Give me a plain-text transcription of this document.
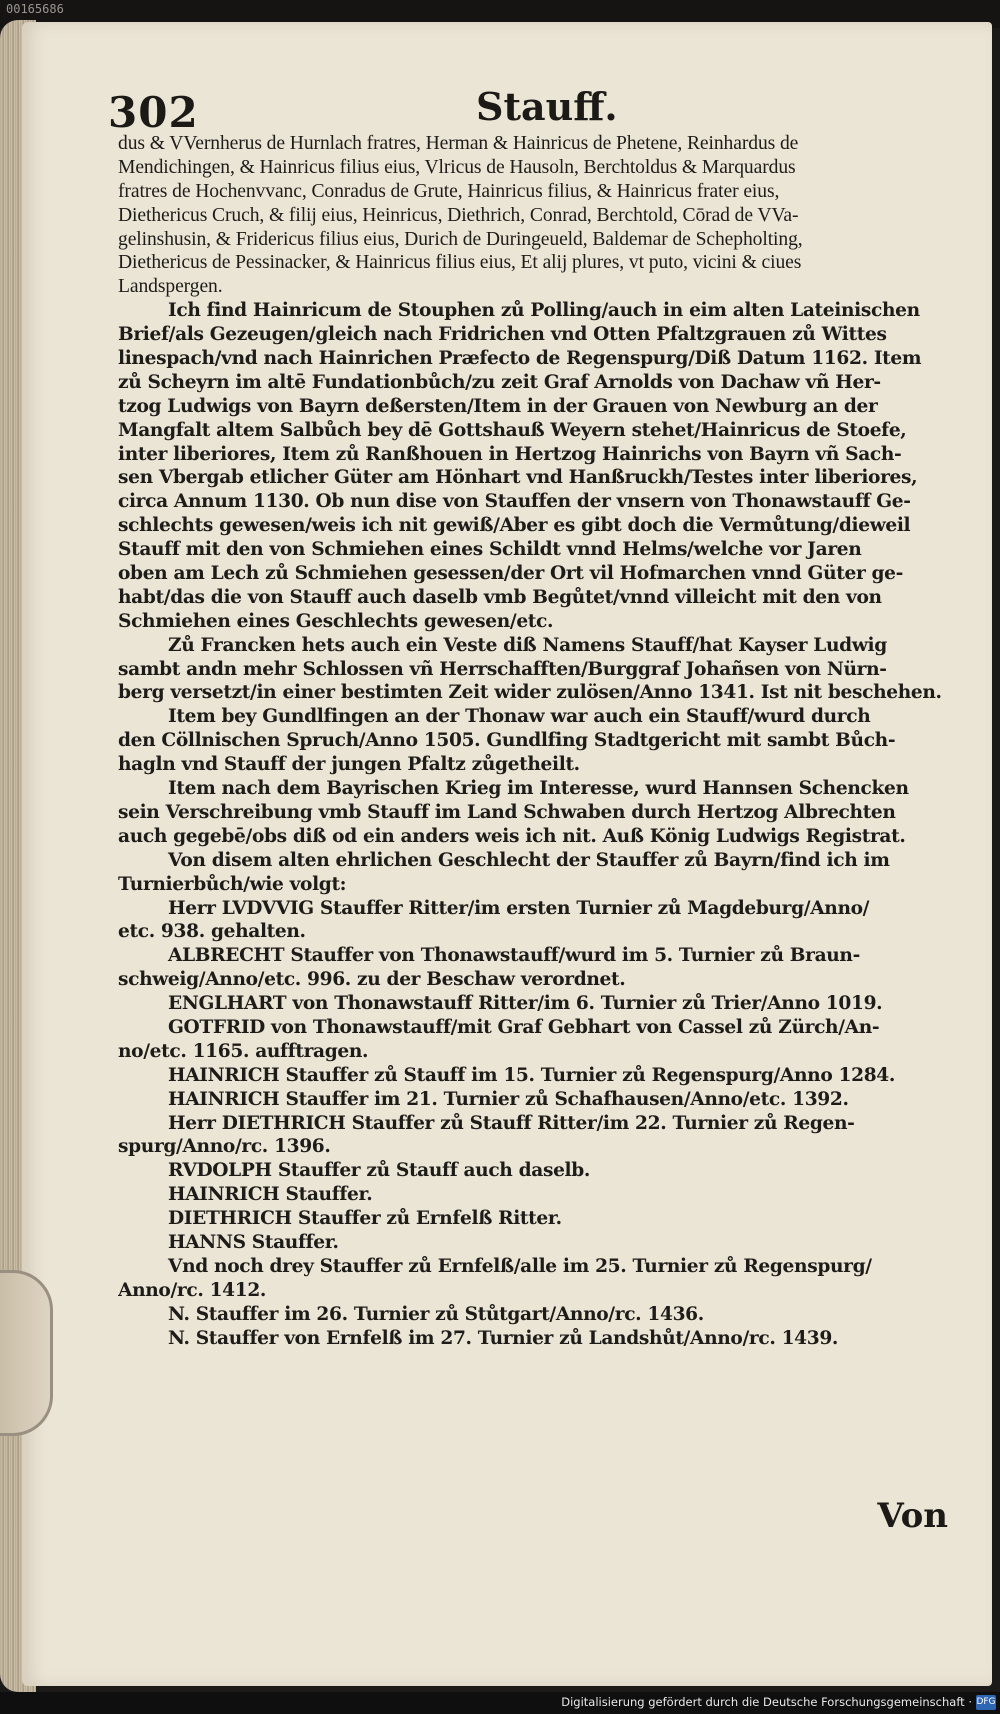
00165686
302	Stauff.
dus & VVernherus de Hurnlach fratres, Herman & Hainricus de Phetene, Reinhardus de
Mendichingen, & Hainricus filius eius, Vlricus de Hausoln, Berchtoldus & Marquardus
fratres de Hochenvvanc, Conradus de Grute, Hainricus filius, & Hainricus frater eius,
Diethericus Cruch, & filij eius, Heinricus, Diethrich, Conrad, Berchtold, Cōrad de VVa-
gelinshusin, & Fridericus filius eius, Durich de Duringeueld, Baldemar de Schepholting,
Diethericus de Pessinacker, & Hainricus filius eius, Et alij plures, vt puto, vicini & ciues
Landspergen.
Ich find Hainricum de Stouphen zů Polling/auch in eim alten Lateinischen
Brief/als Gezeugen/gleich nach Fridrichen vnd Otten Pfaltzgrauen zů Wittes
linespach/vnd nach Hainrichen Præfecto de Regenspurg/Diß Datum 1162. Item
zů Scheyrn im altē Fundationbůch/zu zeit Graf Arnolds von Dachaw vñ Her-
tzog Ludwigs von Bayrn deßersten/Item in der Grauen von Newburg an der
Mangfalt altem Salbůch bey dē Gottshauß Weyern stehet/Hainricus de Stoefe,
inter liberiores, Item zů Ranßhouen in Hertzog Hainrichs von Bayrn vñ Sach-
sen Vbergab etlicher Güter am Hönhart vnd Hanßruckh/Testes inter liberiores,
circa Annum 1130. Ob nun dise von Stauffen der vnsern von Thonawstauff Ge-
schlechts gewesen/weis ich nit gewiß/Aber es gibt doch die Vermůtung/dieweil
Stauff mit den von Schmiehen eines Schildt vnnd Helms/welche vor Jaren
oben am Lech zů Schmiehen gesessen/der Ort vil Hofmarchen vnnd Güter ge-
habt/das die von Stauff auch daselb vmb Begůtet/vnnd villeicht mit den von
Schmiehen eines Geschlechts gewesen/etc.
Zů Francken hets auch ein Veste diß Namens Stauff/hat Kayser Ludwig
sambt andn mehr Schlossen vñ Herrschafften/Burggraf Johañsen von Nürn-
berg versetzt/in einer bestimten Zeit wider zulösen/Anno 1341. Ist nit beschehen.
Item bey Gundlfingen an der Thonaw war auch ein Stauff/wurd durch
den Cöllnischen Spruch/Anno 1505. Gundlfing Stadtgericht mit sambt Bůch-
hagln vnd Stauff der jungen Pfaltz zůgetheilt.
Item nach dem Bayrischen Krieg im Interesse, wurd Hannsen Schencken
sein Verschreibung vmb Stauff im Land Schwaben durch Hertzog Albrechten
auch gegebē/obs diß od ein anders weis ich nit. Auß König Ludwigs Registrat.
Von disem alten ehrlichen Geschlecht der Stauffer zů Bayrn/find ich im
Turnierbůch/wie volgt:
Herr LVDVVIG Stauffer Ritter/im ersten Turnier zů Magdeburg/Anno/
etc. 938. gehalten.
ALBRECHT Stauffer von Thonawstauff/wurd im 5. Turnier zů Braun-
schweig/Anno/etc. 996. zu der Beschaw verordnet.
ENGLHART von Thonawstauff Ritter/im 6. Turnier zů Trier/Anno 1019.
GOTFRID von Thonawstauff/mit Graf Gebhart von Cassel zů Zürch/An-
no/etc. 1165. aufftragen.
HAINRICH Stauffer zů Stauff im 15. Turnier zů Regenspurg/Anno 1284.
HAINRICH Stauffer im 21. Turnier zů Schafhausen/Anno/etc. 1392.
Herr DIETHRICH Stauffer zů Stauff Ritter/im 22. Turnier zů Regen-
spurg/Anno/rc. 1396.
RVDOLPH Stauffer zů Stauff auch daselb.
HAINRICH Stauffer.
DIETHRICH Stauffer zů Ernfelß Ritter.
HANNS Stauffer.
Vnd noch drey Stauffer zů Ernfelß/alle im 25. Turnier zů Regenspurg/
Anno/rc. 1412.
N. Stauffer im 26. Turnier zů Stůtgart/Anno/rc. 1436.
N. Stauffer von Ernfelß im 27. Turnier zů Landshůt/Anno/rc. 1439.
Von
Digitalisierung gefördert durch die Deutsche Forschungsgemeinschaft · DFG
